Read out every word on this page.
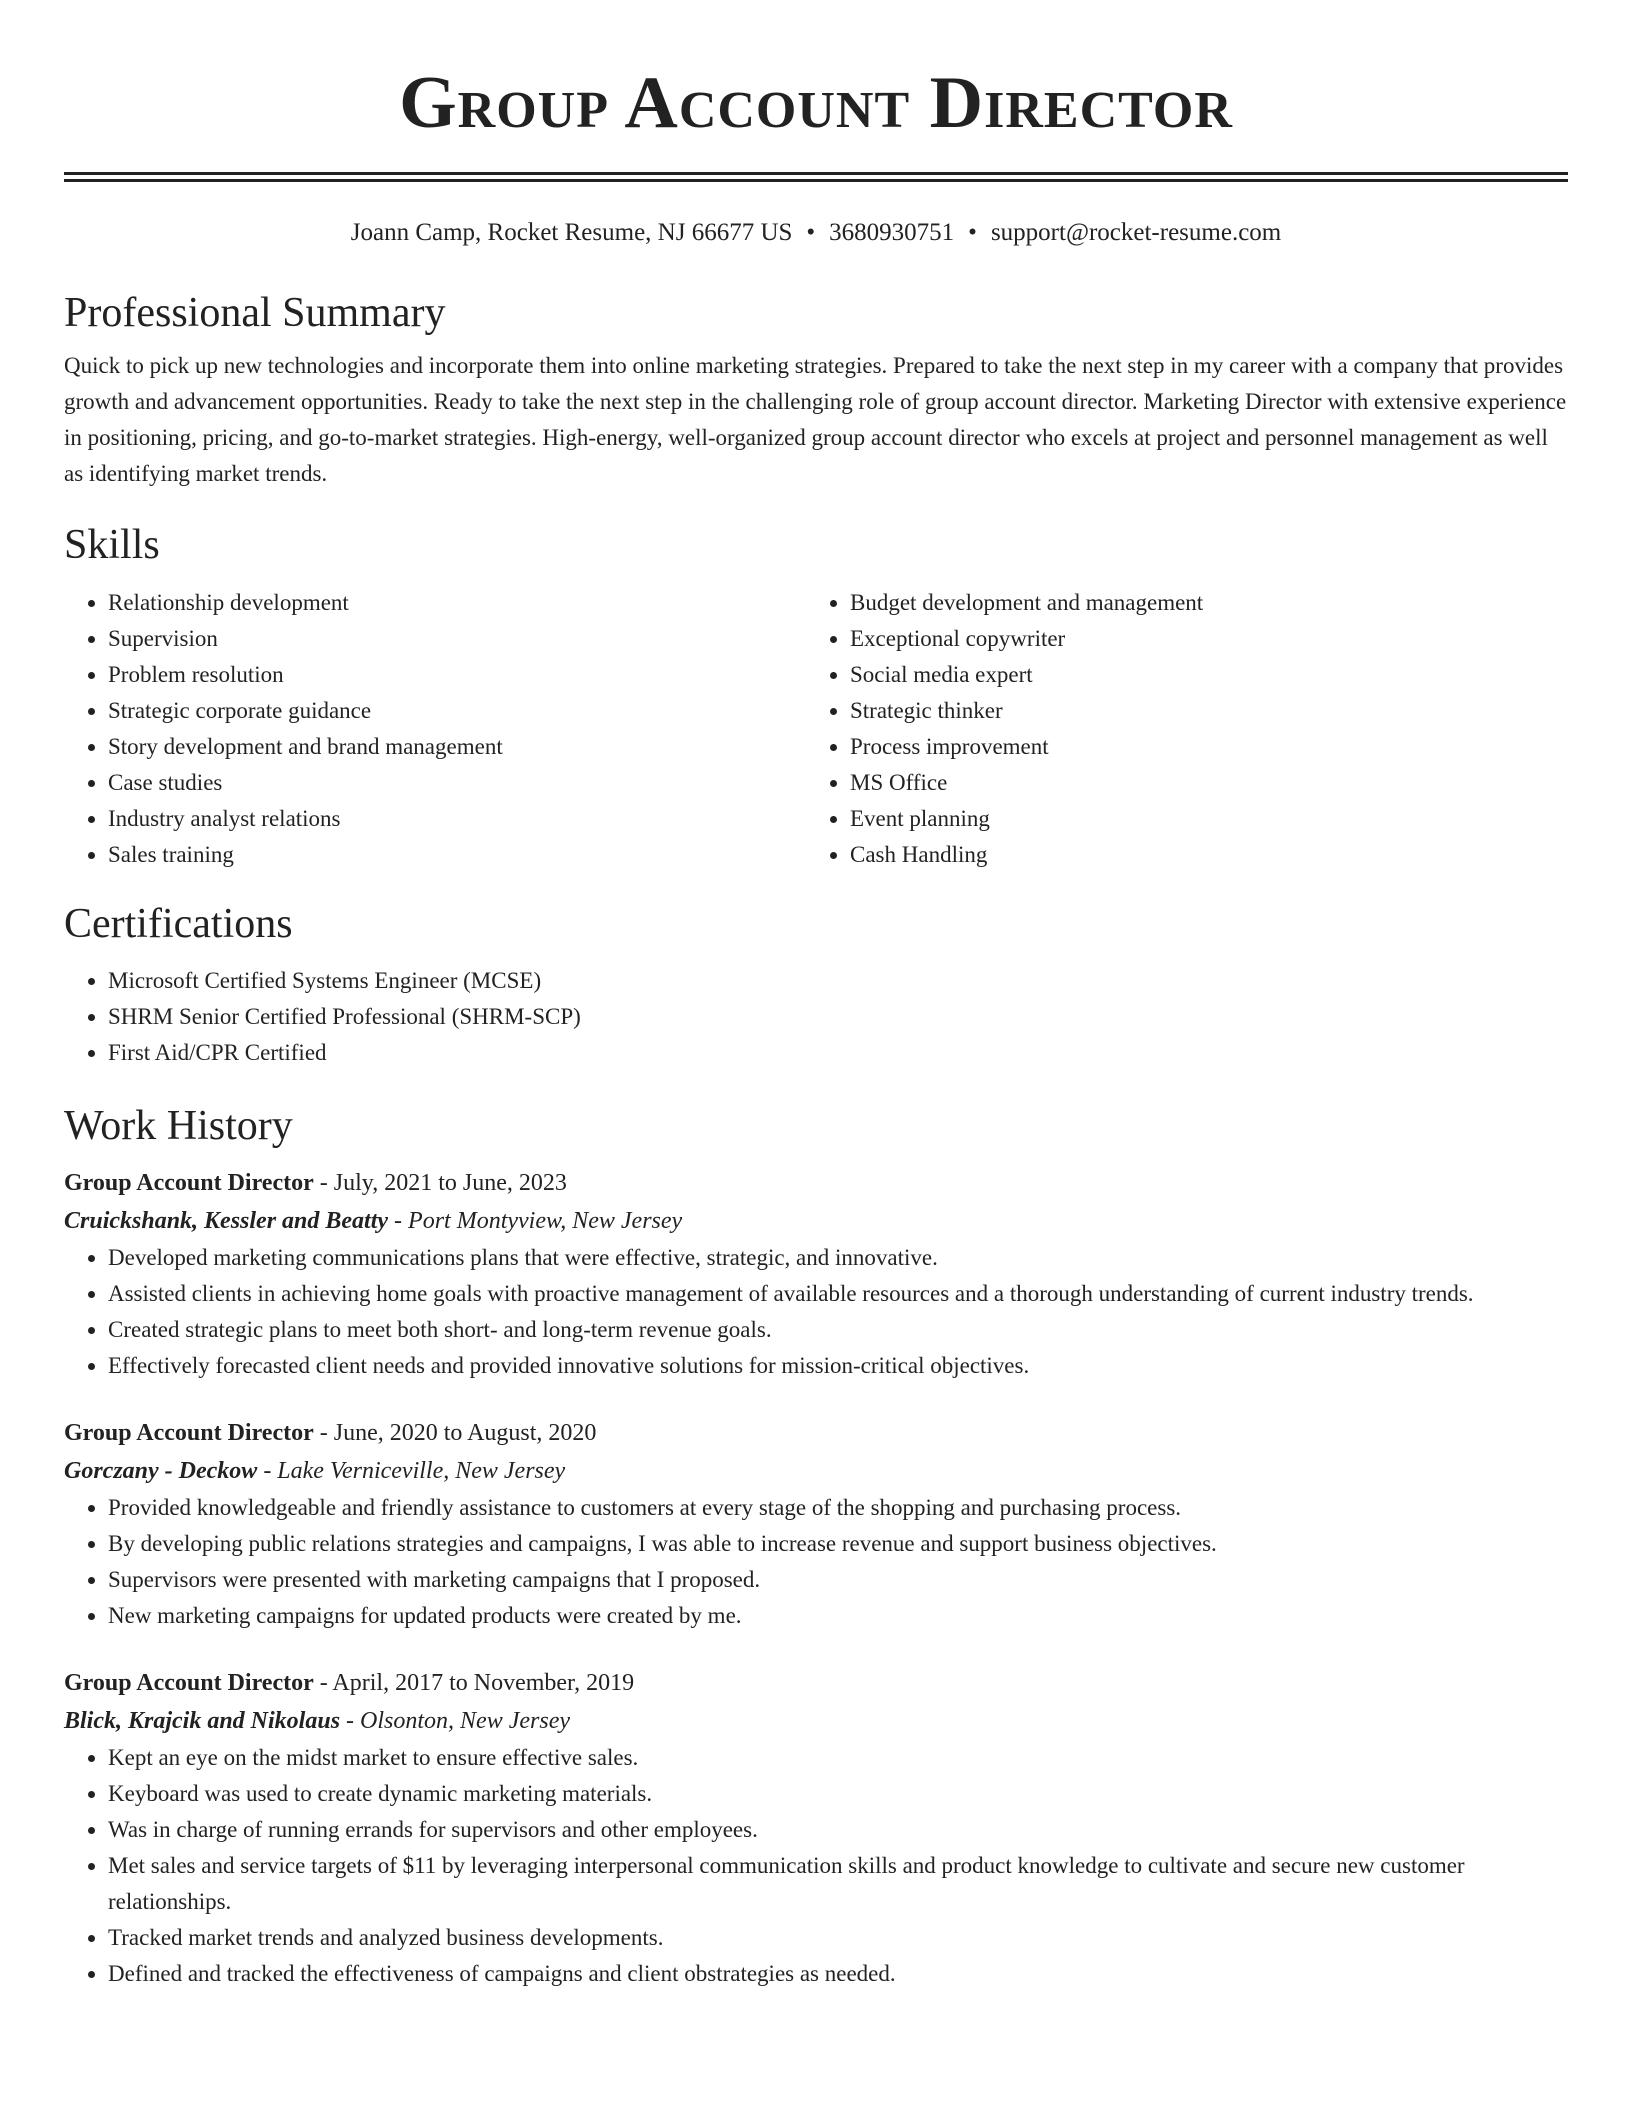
Group Account Director
Joann Camp, Rocket Resume, NJ 66677 US • 3680930751 • support@rocket-resume.com
Professional Summary

Quick to pick up new technologies and incorporate them into online marketing strategies. Prepared to take the next step in my career with a company that provides growth and advancement opportunities. Ready to take the next step in the challenging role of group account director. Marketing Director with extensive experience in positioning, pricing, and go-to-market strategies. High-energy, well-organized group account director who excels at project and personnel management as well as identifying market trends.

Skills
• Relationship development
• Supervision
• Problem resolution
• Strategic corporate guidance
• Story development and brand management
• Case studies
• Industry analyst relations
• Sales training
• Budget development and management
• Exceptional copywriter
• Social media expert
• Strategic thinker
• Process improvement
• MS Office
• Event planning
• Cash Handling
Certifications
• Microsoft Certified Systems Engineer (MCSE)
• SHRM Senior Certified Professional (SHRM-SCP)
• First Aid/CPR Certified
Work History
Group Account Director - July, 2021 to June, 2023
Cruickshank, Kessler and Beatty - Port Montyview, New Jersey
• Developed marketing communications plans that were effective, strategic, and innovative.
• Assisted clients in achieving home goals with proactive management of available resources and a thorough understanding of current industry trends.
• Created strategic plans to meet both short- and long-term revenue goals.
• Effectively forecasted client needs and provided innovative solutions for mission-critical objectives.
Group Account Director - June, 2020 to August, 2020
Gorczany - Deckow - Lake Verniceville, New Jersey
• Provided knowledgeable and friendly assistance to customers at every stage of the shopping and purchasing process.
• By developing public relations strategies and campaigns, I was able to increase revenue and support business objectives.
• Supervisors were presented with marketing campaigns that I proposed.
• New marketing campaigns for updated products were created by me.
Group Account Director - April, 2017 to November, 2019
Blick, Krajcik and Nikolaus - Olsonton, New Jersey
• Kept an eye on the midst market to ensure effective sales.
• Keyboard was used to create dynamic marketing materials.
• Was in charge of running errands for supervisors and other employees.
• Met sales and service targets of $11 by leveraging interpersonal communication skills and product knowledge to cultivate and secure new customer relationships.
• Tracked market trends and analyzed business developments.
• Defined and tracked the effectiveness of campaigns and client obstrategies as needed.
